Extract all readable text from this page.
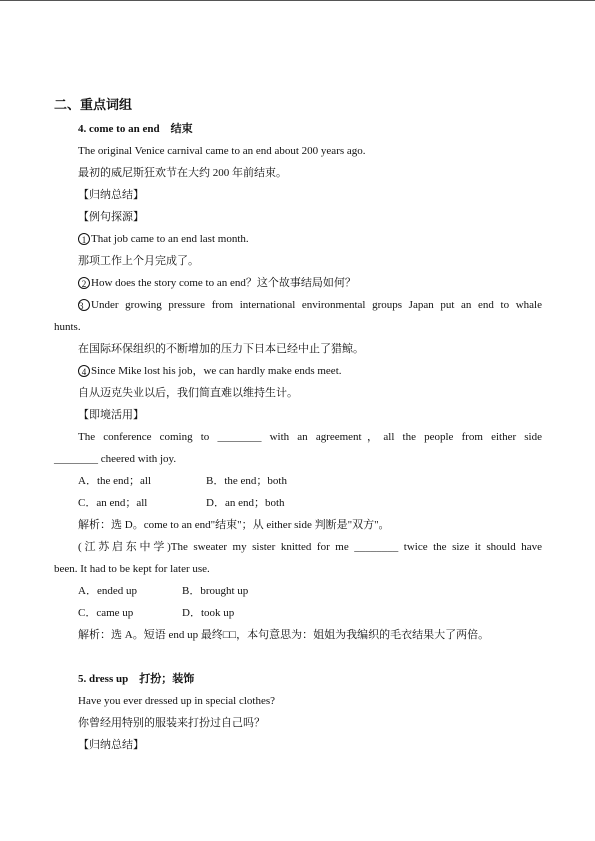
二、重点词组
4. come to an end　结束
The original Venice carnival came to an end about 200 years ago.
最初的威尼斯狂欢节在大约 200 年前结束。
【归纳总结】
【例句探源】
1 That job came to an end last month.
那项工作上个月完成了。
2 How does the story come to an end？这个故事结局如何？
3 Under growing pressure from international environmental groups Japan put an end to whale
hunts.
在国际环保组织的不断增加的压力下日本已经中止了猎鲸。
4 Since Mike lost his job，we can hardly make ends meet.
自从迈克失业以后，我们简直难以维持生计。
【即境活用】
The conference coming to ________ with an agreement，all the people from either side
________ cheered with joy.
A．the end；all	B．the end；both
C．an end；all	D．an end；both
解析：选 D。come to an end"结束"；从 either side 判断是"双方"。
(江苏启东中学)The sweater my sister knitted for me ________ twice the size it should have
been. It had to be kept for later use.
A．ended up	B．brought up
C．came up	D．took up
解析：选 A。短语 end up 最终□□，本句意思为：姐姐为我编织的毛衣结果大了两倍。
5. dress up　打扮；装饰
Have you ever dressed up in special clothes?
你曾经用特别的服装来打扮过自己吗？
【归纳总结】
